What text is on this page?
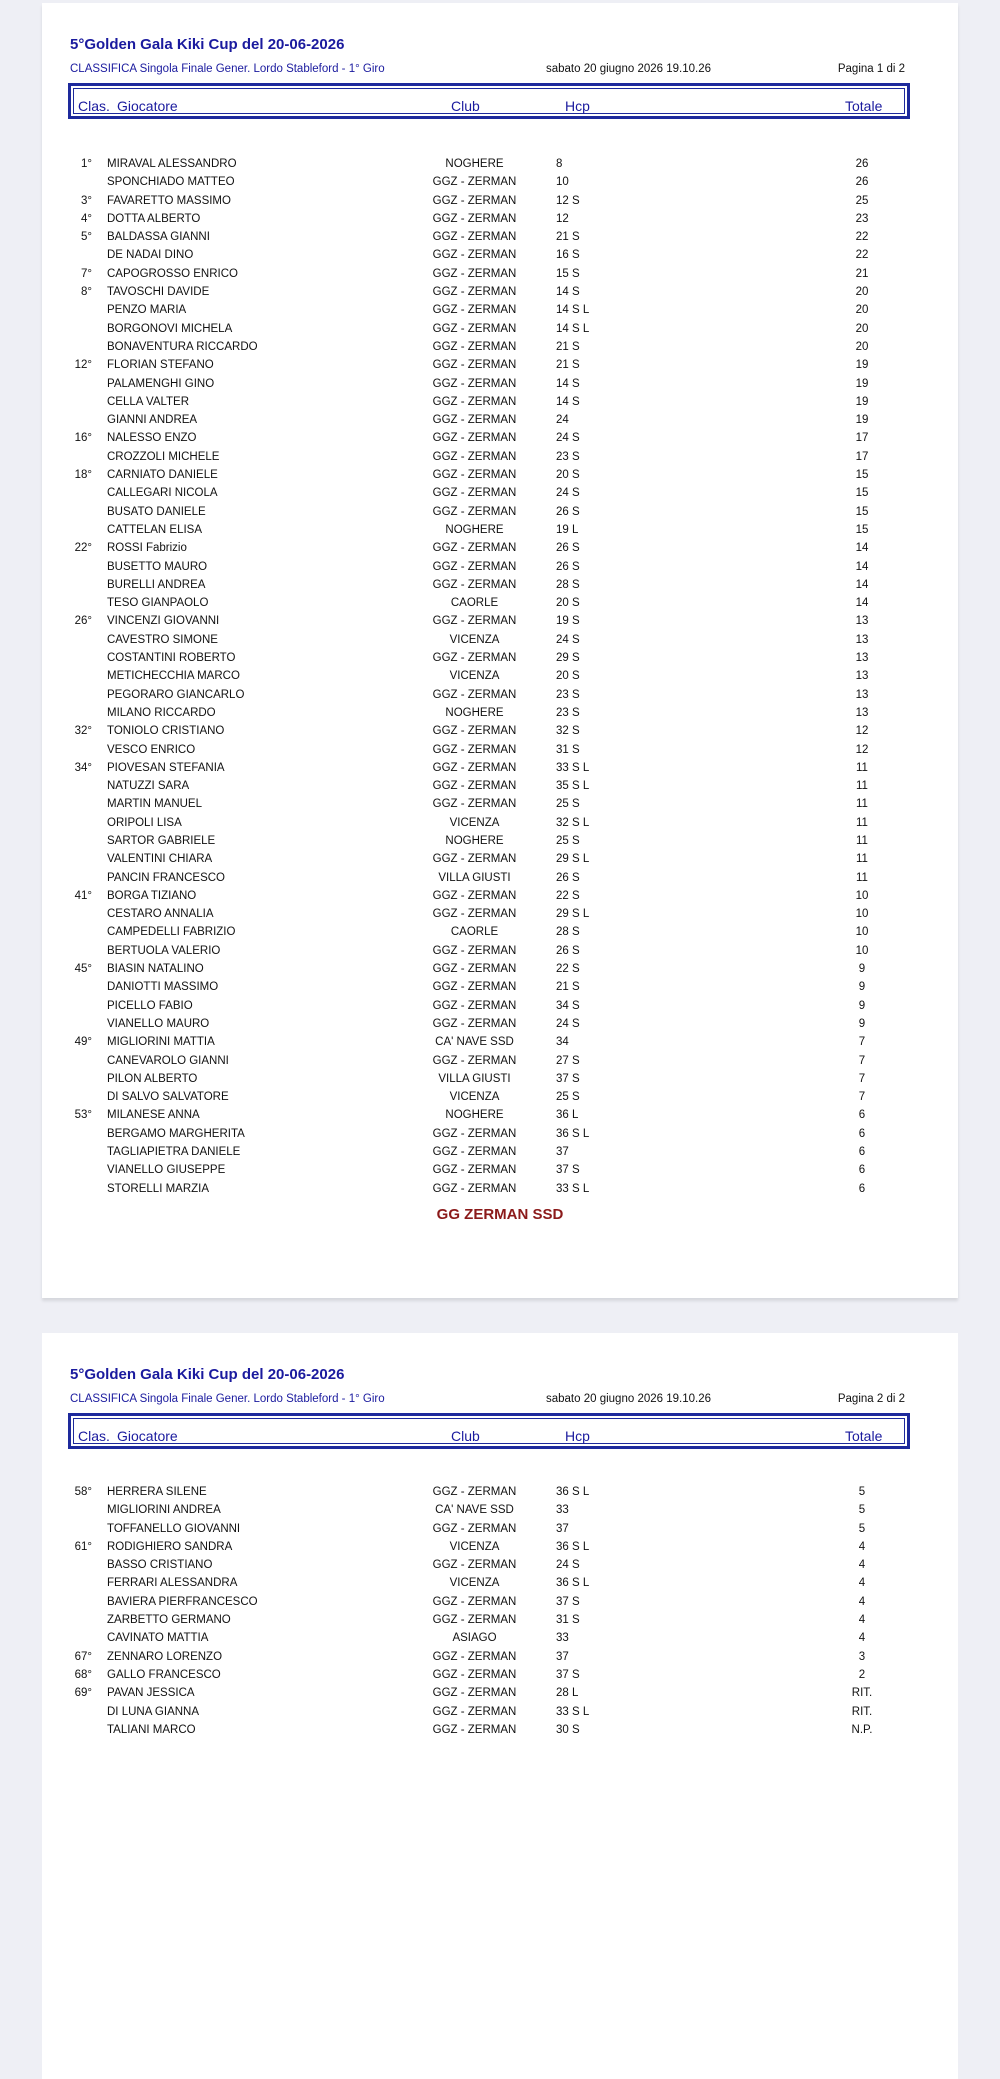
5°Golden Gala Kiki Cup del 20-06-2026
CLASSIFICA Singola Finale Gener. Lordo Stableford - 1° Giro	sabato 20 giugno 2026 19.10.26	Pagina 1 di 2
Clas. Giocatore	Club	Hcp	Totale
1° MIRAVAL ALESSANDRO	NOGHERE	8	26
SPONCHIADO MATTEO	GGZ - ZERMAN	10	26
3° FAVARETTO MASSIMO	GGZ - ZERMAN	12 S	25
4° DOTTA ALBERTO	GGZ - ZERMAN	12	23
5° BALDASSA GIANNI	GGZ - ZERMAN	21 S	22
DE NADAI DINO	GGZ - ZERMAN	16 S	22
7° CAPOGROSSO ENRICO	GGZ - ZERMAN	15 S	21
8° TAVOSCHI DAVIDE	GGZ - ZERMAN	14 S	20
PENZO MARIA	GGZ - ZERMAN	14 S L	20
BORGONOVI MICHELA	GGZ - ZERMAN	14 S L	20
BONAVENTURA RICCARDO	GGZ - ZERMAN	21 S	20
12° FLORIAN STEFANO	GGZ - ZERMAN	21 S	19
PALAMENGHI GINO	GGZ - ZERMAN	14 S	19
CELLA VALTER	GGZ - ZERMAN	14 S	19
GIANNI ANDREA	GGZ - ZERMAN	24	19
16° NALESSO ENZO	GGZ - ZERMAN	24 S	17
CROZZOLI MICHELE	GGZ - ZERMAN	23 S	17
18° CARNIATO DANIELE	GGZ - ZERMAN	20 S	15
CALLEGARI NICOLA	GGZ - ZERMAN	24 S	15
BUSATO DANIELE	GGZ - ZERMAN	26 S	15
CATTELAN ELISA	NOGHERE	19 L	15
22° ROSSI Fabrizio	GGZ - ZERMAN	26 S	14
BUSETTO MAURO	GGZ - ZERMAN	26 S	14
BURELLI ANDREA	GGZ - ZERMAN	28 S	14
TESO GIANPAOLO	CAORLE	20 S	14
26° VINCENZI GIOVANNI	GGZ - ZERMAN	19 S	13
CAVESTRO SIMONE	VICENZA	24 S	13
COSTANTINI ROBERTO	GGZ - ZERMAN	29 S	13
METICHECCHIA MARCO	VICENZA	20 S	13
PEGORARO GIANCARLO	GGZ - ZERMAN	23 S	13
MILANO RICCARDO	NOGHERE	23 S	13
32° TONIOLO CRISTIANO	GGZ - ZERMAN	32 S	12
VESCO ENRICO	GGZ - ZERMAN	31 S	12
34° PIOVESAN STEFANIA	GGZ - ZERMAN	33 S L	11
NATUZZI SARA	GGZ - ZERMAN	35 S L	11
MARTIN MANUEL	GGZ - ZERMAN	25 S	11
ORIPOLI LISA	VICENZA	32 S L	11
SARTOR GABRIELE	NOGHERE	25 S	11
VALENTINI CHIARA	GGZ - ZERMAN	29 S L	11
PANCIN FRANCESCO	VILLA GIUSTI	26 S	11
41° BORGA TIZIANO	GGZ - ZERMAN	22 S	10
CESTARO ANNALIA	GGZ - ZERMAN	29 S L	10
CAMPEDELLI FABRIZIO	CAORLE	28 S	10
BERTUOLA VALERIO	GGZ - ZERMAN	26 S	10
45° BIASIN NATALINO	GGZ - ZERMAN	22 S	9
DANIOTTI MASSIMO	GGZ - ZERMAN	21 S	9
PICELLO FABIO	GGZ - ZERMAN	34 S	9
VIANELLO MAURO	GGZ - ZERMAN	24 S	9
49° MIGLIORINI MATTIA	CA' NAVE SSD	34	7
CANEVAROLO GIANNI	GGZ - ZERMAN	27 S	7
PILON ALBERTO	VILLA GIUSTI	37 S	7
DI SALVO SALVATORE	VICENZA	25 S	7
53° MILANESE ANNA	NOGHERE	36 L	6
BERGAMO MARGHERITA	GGZ - ZERMAN	36 S L	6
TAGLIAPIETRA DANIELE	GGZ - ZERMAN	37	6
VIANELLO GIUSEPPE	GGZ - ZERMAN	37 S	6
STORELLI MARZIA	GGZ - ZERMAN	33 S L	6
GG ZERMAN SSD
5°Golden Gala Kiki Cup del 20-06-2026
CLASSIFICA Singola Finale Gener. Lordo Stableford - 1° Giro	sabato 20 giugno 2026 19.10.26	Pagina 2 di 2
Clas. Giocatore	Club	Hcp	Totale
58° HERRERA SILENE	GGZ - ZERMAN	36 S L	5
MIGLIORINI ANDREA	CA' NAVE SSD	33	5
TOFFANELLO GIOVANNI	GGZ - ZERMAN	37	5
61° RODIGHIERO SANDRA	VICENZA	36 S L	4
BASSO CRISTIANO	GGZ - ZERMAN	24 S	4
FERRARI ALESSANDRA	VICENZA	36 S L	4
BAVIERA PIERFRANCESCO	GGZ - ZERMAN	37 S	4
ZARBETTO GERMANO	GGZ - ZERMAN	31 S	4
CAVINATO MATTIA	ASIAGO	33	4
67° ZENNARO LORENZO	GGZ - ZERMAN	37	3
68° GALLO FRANCESCO	GGZ - ZERMAN	37 S	2
69° PAVAN JESSICA	GGZ - ZERMAN	28 L	RIT.
DI LUNA GIANNA	GGZ - ZERMAN	33 S L	RIT.
TALIANI MARCO	GGZ - ZERMAN	30 S	N.P.
